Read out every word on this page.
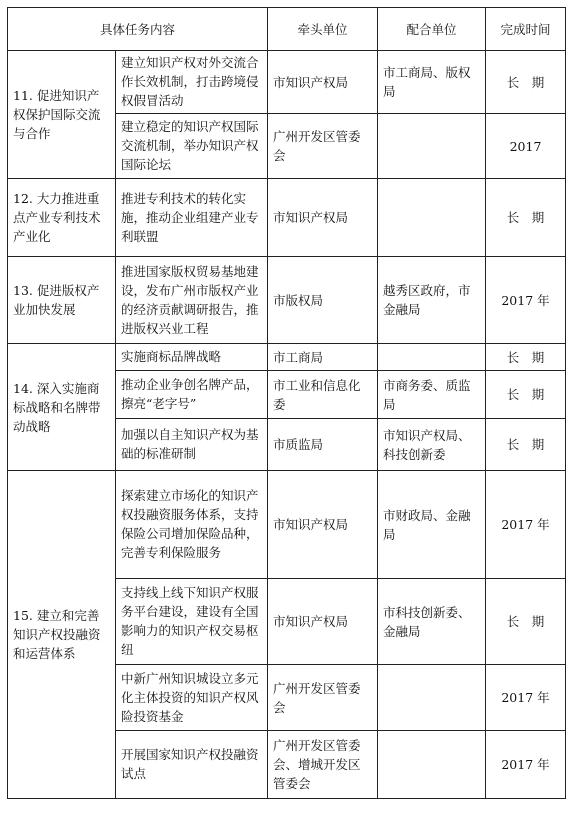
具体任务内容		牵头单位	配合单位	完成时间
11. 促进知识产权保护国际交流与合作	建立知识产权对外交流合作长效机制，打击跨境侵权假冒活动	市知识产权局	市工商局、版权局	长　期
	建立稳定的知识产权国际交流机制，举办知识产权国际论坛	广州开发区管委会		2017
12. 大力推进重点产业专利技术产业化	推进专利技术的转化实施，推动企业组建产业专利联盟	市知识产权局		长　期
13. 促进版权产业加快发展	推进国家版权贸易基地建设，发布广州市版权产业的经济贡献调研报告，推进版权兴业工程	市版权局	越秀区政府，市金融局	2017 年
14. 深入实施商标战略和名牌带动战略	实施商标品牌战略	市工商局		长　期
	推动企业争创名牌产品，擦亮“老字号”	市工业和信息化委	市商务委、质监局	长　期
	加强以自主知识产权为基础的标准研制	市质监局	市知识产权局、科技创新委	长　期
15. 建立和完善知识产权投融资和运营体系	探索建立市场化的知识产权投融资服务体系，支持保险公司增加保险品种，完善专利保险服务	市知识产权局	市财政局、金融局	2017 年
	支持线上线下知识产权服务平台建设，建设有全国影响力的知识产权交易枢纽	市知识产权局	市科技创新委、金融局	长　期
	中新广州知识城设立多元化主体投资的知识产权风险投资基金	广州开发区管委会		2017 年
	开展国家知识产权投融资试点	广州开发区管委会、增城开发区管委会		2017 年
